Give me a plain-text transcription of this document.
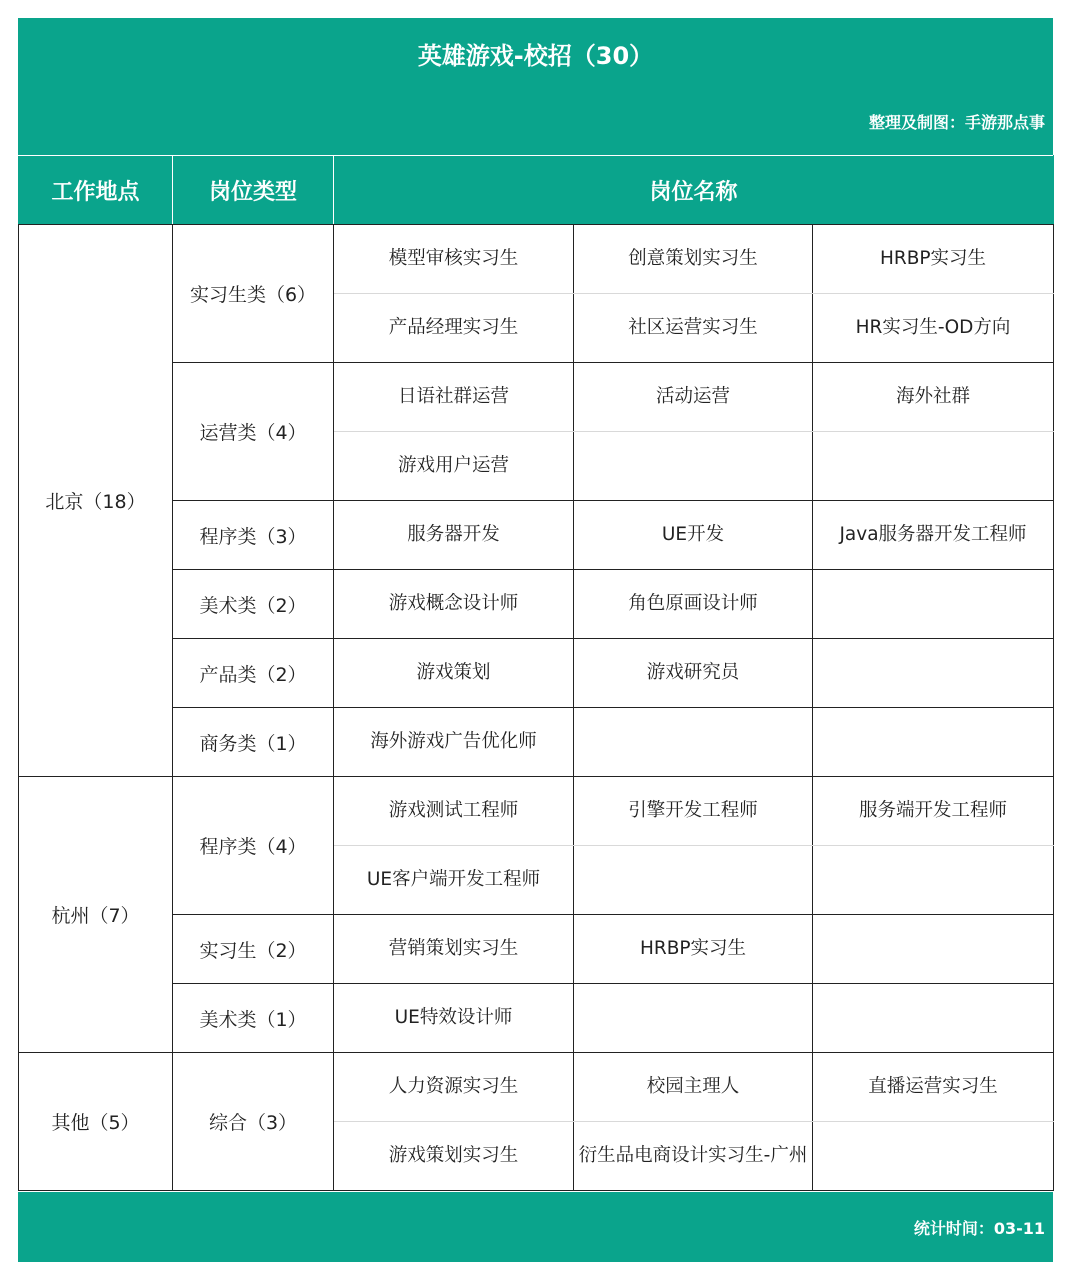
英雄游戏-校招（30）
整理及制图：手游那点事
工作地点	岗位类型	岗位名称		
北京（18）	实习生类（6）	模型审核实习生	创意策划实习生	HRBP实习生
		产品经理实习生	社区运营实习生	HR实习生-OD方向
	运营类（4）	日语社群运营	活动运营	海外社群
		游戏用户运营		
	程序类（3）	服务器开发	UE开发	Java服务器开发工程师
	美术类（2）	游戏概念设计师	角色原画设计师	
	产品类（2）	游戏策划	游戏研究员	
	商务类（1）	海外游戏广告优化师		
杭州（7）	程序类（4）	游戏测试工程师	引擎开发工程师	服务端开发工程师
		UE客户端开发工程师		
	实习生（2）	营销策划实习生	HRBP实习生	
	美术类（1）	UE特效设计师		
其他（5）	综合（3）	人力资源实习生	校园主理人	直播运营实习生
		游戏策划实习生	衍生品电商设计实习生-广州	
统计时间：03-11
